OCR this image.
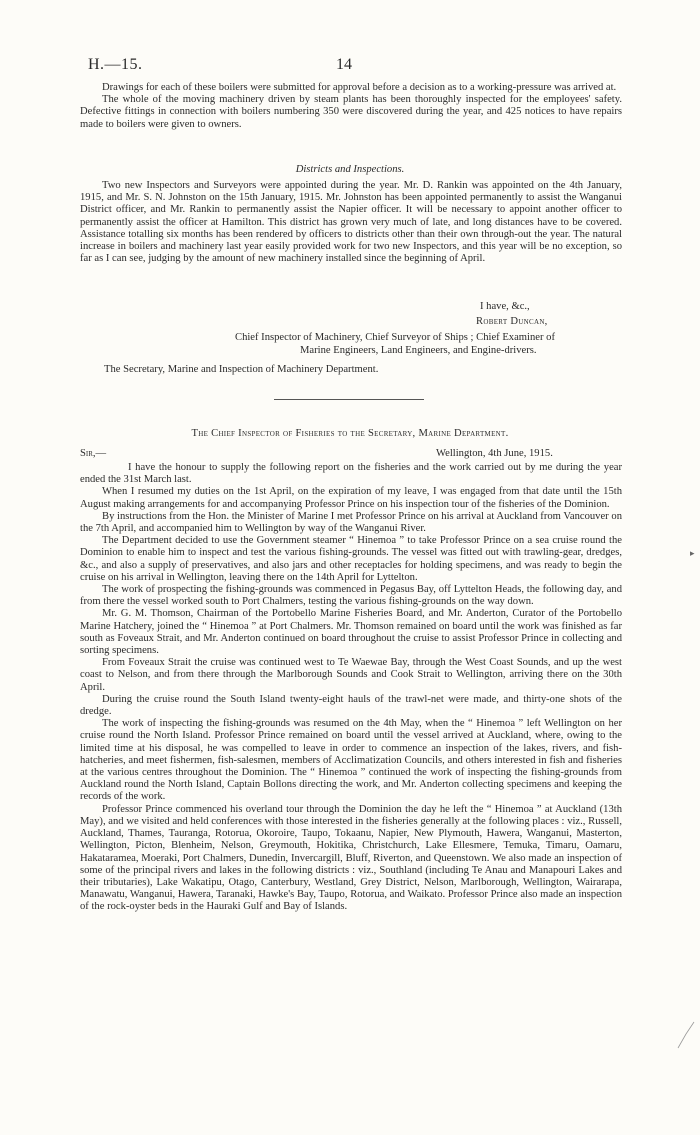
H.—15.	14

Drawings for each of these boilers were submitted for approval before a decision as to a working-pressure was arrived at.

The whole of the moving machinery driven by steam plants has been thoroughly inspected for the employees' safety. Defective fittings in connection with boilers numbering 350 were discovered during the year, and 425 notices to have repairs made to boilers were given to owners.

Districts and Inspections.

Two new Inspectors and Surveyors were appointed during the year. Mr. D. Rankin was appointed on the 4th January, 1915, and Mr. S. N. Johnston on the 15th January, 1915. Mr. Johnston has been appointed permanently to assist the Wanganui District officer, and Mr. Rankin to permanently assist the Napier officer. It will be necessary to appoint another officer to permanently assist the officer at Hamilton. This district has grown very much of late, and long distances have to be covered. Assistance totalling six months has been rendered by officers to districts other than their own through-out the year. The natural increase in boilers and machinery last year easily provided work for two new Inspectors, and this year will be no exception, so far as I can see, judging by the amount of new machinery installed since the beginning of April.

I have, &c.,
Robert Duncan,
Chief Inspector of Machinery, Chief Surveyor of Ships ; Chief Examiner of
Marine Engineers, Land Engineers, and Engine-drivers.
The Secretary, Marine and Inspection of Machinery Department.
The Chief Inspector of Fisheries to the Secretary, Marine Department.
Sir,—	Wellington, 4th June, 1915.

I have the honour to supply the following report on the fisheries and the work carried out by me during the year ended the 31st March last.

When I resumed my duties on the 1st April, on the expiration of my leave, I was engaged from that date until the 15th August making arrangements for and accompanying Professor Prince on his inspection tour of the fisheries of the Dominion.

By instructions from the Hon. the Minister of Marine I met Professor Prince on his arrival at Auckland from Vancouver on the 7th April, and accompanied him to Wellington by way of the Wanganui River.

The Department decided to use the Government steamer “ Hinemoa ” to take Professor Prince on a sea cruise round the Dominion to enable him to inspect and test the various fishing-grounds. The vessel was fitted out with trawling-gear, dredges, &c., and also a supply of preservatives, and also jars and other receptacles for holding specimens, and was ready to begin the cruise on his arrival in Wellington, leaving there on the 14th April for Lyttelton.

The work of prospecting the fishing-grounds was commenced in Pegasus Bay, off Lyttelton Heads, the following day, and from there the vessel worked south to Port Chalmers, testing the various fishing-grounds on the way down.

Mr. G. M. Thomson, Chairman of the Portobello Marine Fisheries Board, and Mr. Anderton, Curator of the Portobello Marine Hatchery, joined the “ Hinemoa ” at Port Chalmers. Mr. Thomson remained on board until the work was finished as far south as Foveaux Strait, and Mr. Anderton continued on board throughout the cruise to assist Professor Prince in collecting and sorting specimens.

From Foveaux Strait the cruise was continued west to Te Waewae Bay, through the West Coast Sounds, and up the west coast to Nelson, and from there through the Marlborough Sounds and Cook Strait to Wellington, arriving there on the 30th April.

During the cruise round the South Island twenty-eight hauls of the trawl-net were made, and thirty-one shots of the dredge.

The work of inspecting the fishing-grounds was resumed on the 4th May, when the “ Hinemoa ” left Wellington on her cruise round the North Island. Professor Prince remained on board until the vessel arrived at Auckland, where, owing to the limited time at his disposal, he was compelled to leave in order to commence an inspection of the lakes, rivers, and fish-hatcheries, and meet fishermen, fish-salesmen, members of Acclimatization Councils, and others interested in fish and fisheries at the various centres throughout the Dominion. The “ Hinemoa ” continued the work of inspecting the fishing-grounds from Auckland round the North Island, Captain Bollons directing the work, and Mr. Anderton collecting specimens and keeping the records of the work.

Professor Prince commenced his overland tour through the Dominion the day he left the “ Hinemoa ” at Auckland (13th May), and we visited and held conferences with those interested in the fisheries generally at the following places : viz., Russell, Auckland, Thames, Tauranga, Rotorua, Okoroire, Taupo, Tokaanu, Napier, New Plymouth, Hawera, Wanganui, Masterton, Wellington, Picton, Blenheim, Nelson, Greymouth, Hokitika, Christchurch, Lake Ellesmere, Temuka, Timaru, Oamaru, Hakataramea, Moeraki, Port Chalmers, Dunedin, Invercargill, Bluff, Riverton, and Queenstown. We also made an inspection of some of the principal rivers and lakes in the following districts : viz., Southland (including Te Anau and Manapouri Lakes and their tributaries), Lake Wakatipu, Otago, Canterbury, Westland, Grey District, Nelson, Marlborough, Wellington, Wairarapa, Manawatu, Wanganui, Hawera, Taranaki, Hawke's Bay, Taupo, Rotorua, and Waikato. Professor Prince also made an inspection of the rock-oyster beds in the Hauraki Gulf and Bay of Islands.

▸
